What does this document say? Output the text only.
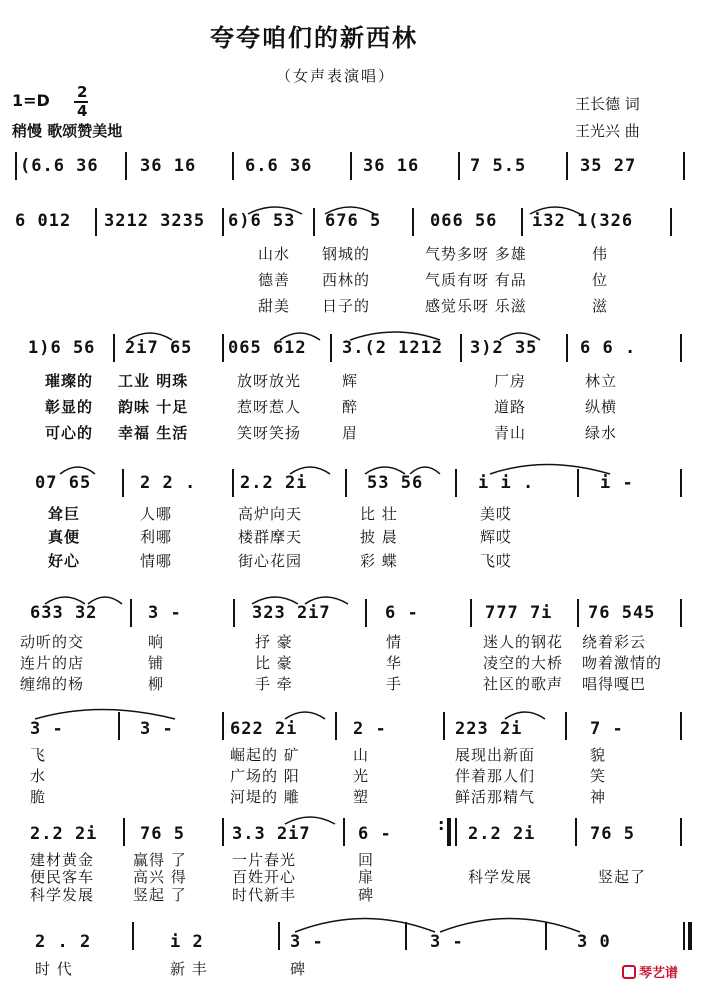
夸夸咱们的新西林
（女声表演唱）
1=D 2
4
稍慢 歌颂赞美地
王长德 词
王光兴 曲
(6.6 36 36 16	6.6 36	36 16	7 5.5	35 27
6 012 3212 3235 6)6 53 676 5	066 56 i32 1(326
山水 钢城的	气势多呀 多雄	伟
德善 西林的	气质有呀 有品	位
甜美 日子的	感觉乐呀 乐滋	滋
1)6 56 2i7 65 065 612 3.(2 1212 3)2 35	6 6 .
璀璨的 工业 明珠	放呀放光	辉	厂房	林立
彰显的 韵味 十足	惹呀惹人	醉	道路	纵横
可心的 幸福 生活	笑呀笑扬	眉	青山	绿水
07 65	2 2 .	2.2 2i	53 56	i i .	i -
耸巨	人哪	高炉向天	比 壮	美哎
真便	利哪	楼群摩天	披 晨	辉哎
好心	情哪	街心花园	彩 蝶	飞哎
633 32	3 -	323 2i7	6 -	777 7i 76 545
动听的交	响	抒 豪	情	迷人的钢花 绕着彩云
连片的店	铺	比 豪	华	凌空的大桥 吻着激情的
缠绵的杨	柳	手 牵	手	社区的歌声 唱得嘎巴
3 -	3 -	622 2i	2 -	223 2i	7 -
飞	崛起的 矿	山	展现出新面	貌
水	广场的 阳	光	伴着那人们	笑
脆	河堤的 雕	塑	鲜活那精气	神
2.2 2i	76 5	3.3 2i7	6 -	: 2.2 2i	76 5
建材黄金	赢得 了	一片春光	回
便民客车	高兴 得	百姓开心	扉	科学发展	竖起了
科学发展	竖起 了	时代新丰	碑
2 . 2	i 2	3 -	3 -	3 0
时 代	新 丰	碑	琴艺谱
